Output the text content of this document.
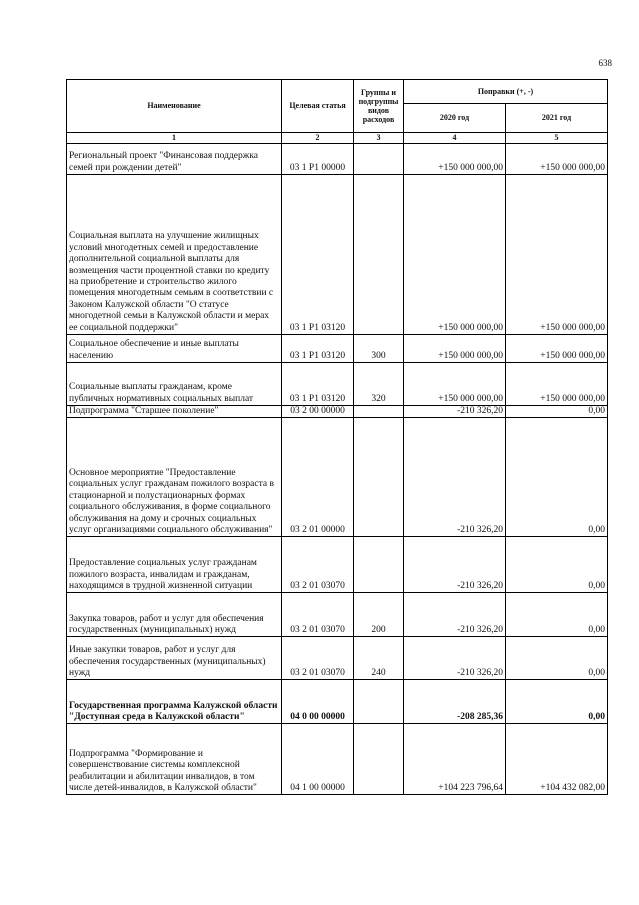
638
Наименование	Целевая статья	Группы и подгруппы видов расходов	Поправки (+, -)	
			2020 год	2021 год
1	2	3	4	5
Региональный проект "Финансовая поддержка семей при рождении детей"	03 1 P1 00000		+150 000 000,00	+150 000 000,00
Социальная выплата на улучшение жилищных условий многодетных семей и предоставление дополнительной социальной выплаты для возмещения части процентной ставки по кредиту на приобретение и строительство жилого помещения многодетным семьям в соответствии с Законом Калужской области "О статусе многодетной семьи в Калужской области и мерах ее социальной поддержки"	03 1 P1 03120		+150 000 000,00	+150 000 000,00
Социальное обеспечение и иные выплаты населению	03 1 P1 03120	300	+150 000 000,00	+150 000 000,00
Социальные выплаты гражданам, кроме публичных нормативных социальных выплат	03 1 P1 03120	320	+150 000 000,00	+150 000 000,00
Подпрограмма "Старшее поколение"	03 2 00 00000		-210 326,20	0,00
Основное мероприятие "Предоставление социальных услуг гражданам пожилого возраста в стационарной и полустационарных формах социального обслуживания, в форме социального обслуживания на дому и срочных социальных услуг организациями социального обслуживания"	03 2 01 00000		-210 326,20	0,00
Предоставление социальных услуг гражданам пожилого возраста, инвалидам и гражданам, находящимся в трудной жизненной ситуации	03 2 01 03070		-210 326,20	0,00
Закупка товаров, работ и услуг для обеспечения государственных (муниципальных) нужд	03 2 01 03070	200	-210 326,20	0,00
Иные закупки товаров, работ и услуг для обеспечения государственных (муниципальных) нужд	03 2 01 03070	240	-210 326,20	0,00
Государственная программа Калужской области "Доступная среда в Калужской области"	04 0 00 00000		-208 285,36	0,00
Подпрограмма "Формирование и совершенствование системы комплексной реабилитации и абилитации инвалидов, в том числе детей-инвалидов, в Калужской области"	04 1 00 00000		+104 223 796,64	+104 432 082,00
